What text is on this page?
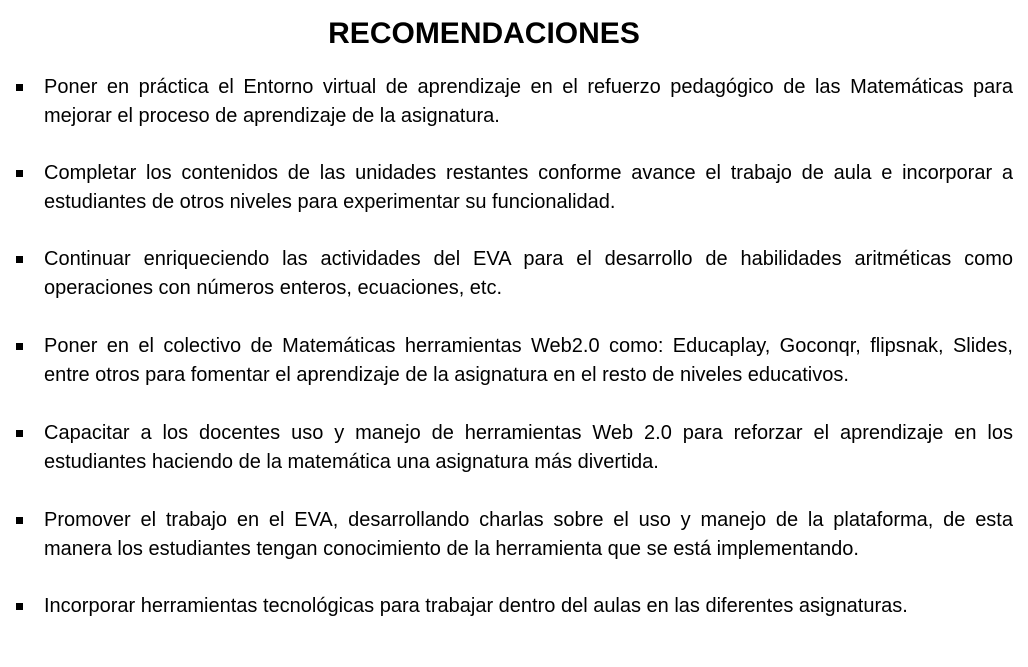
RECOMENDACIONES
Poner en práctica el Entorno virtual de aprendizaje en el refuerzo pedagógico de las Matemáticas para mejorar el proceso de aprendizaje de la asignatura.
Completar los contenidos de las unidades restantes conforme avance el trabajo de aula e incorporar a estudiantes de otros niveles para experimentar su funcionalidad.
Continuar enriqueciendo las actividades del EVA para el desarrollo de habilidades aritméticas como operaciones con números enteros, ecuaciones, etc.
Poner en el colectivo de Matemáticas herramientas Web2.0 como: Educaplay, Goconqr, flipsnak, Slides, entre otros para fomentar el aprendizaje de la asignatura en el resto de niveles educativos.
Capacitar a los docentes uso y manejo de herramientas Web 2.0 para reforzar el aprendizaje en los estudiantes haciendo de la matemática una asignatura más divertida.
Promover el trabajo en el EVA, desarrollando charlas sobre el uso y manejo de la plataforma, de esta manera los estudiantes tengan conocimiento de la herramienta que se está implementando.
Incorporar herramientas tecnológicas para trabajar dentro del aulas en las diferentes asignaturas.
